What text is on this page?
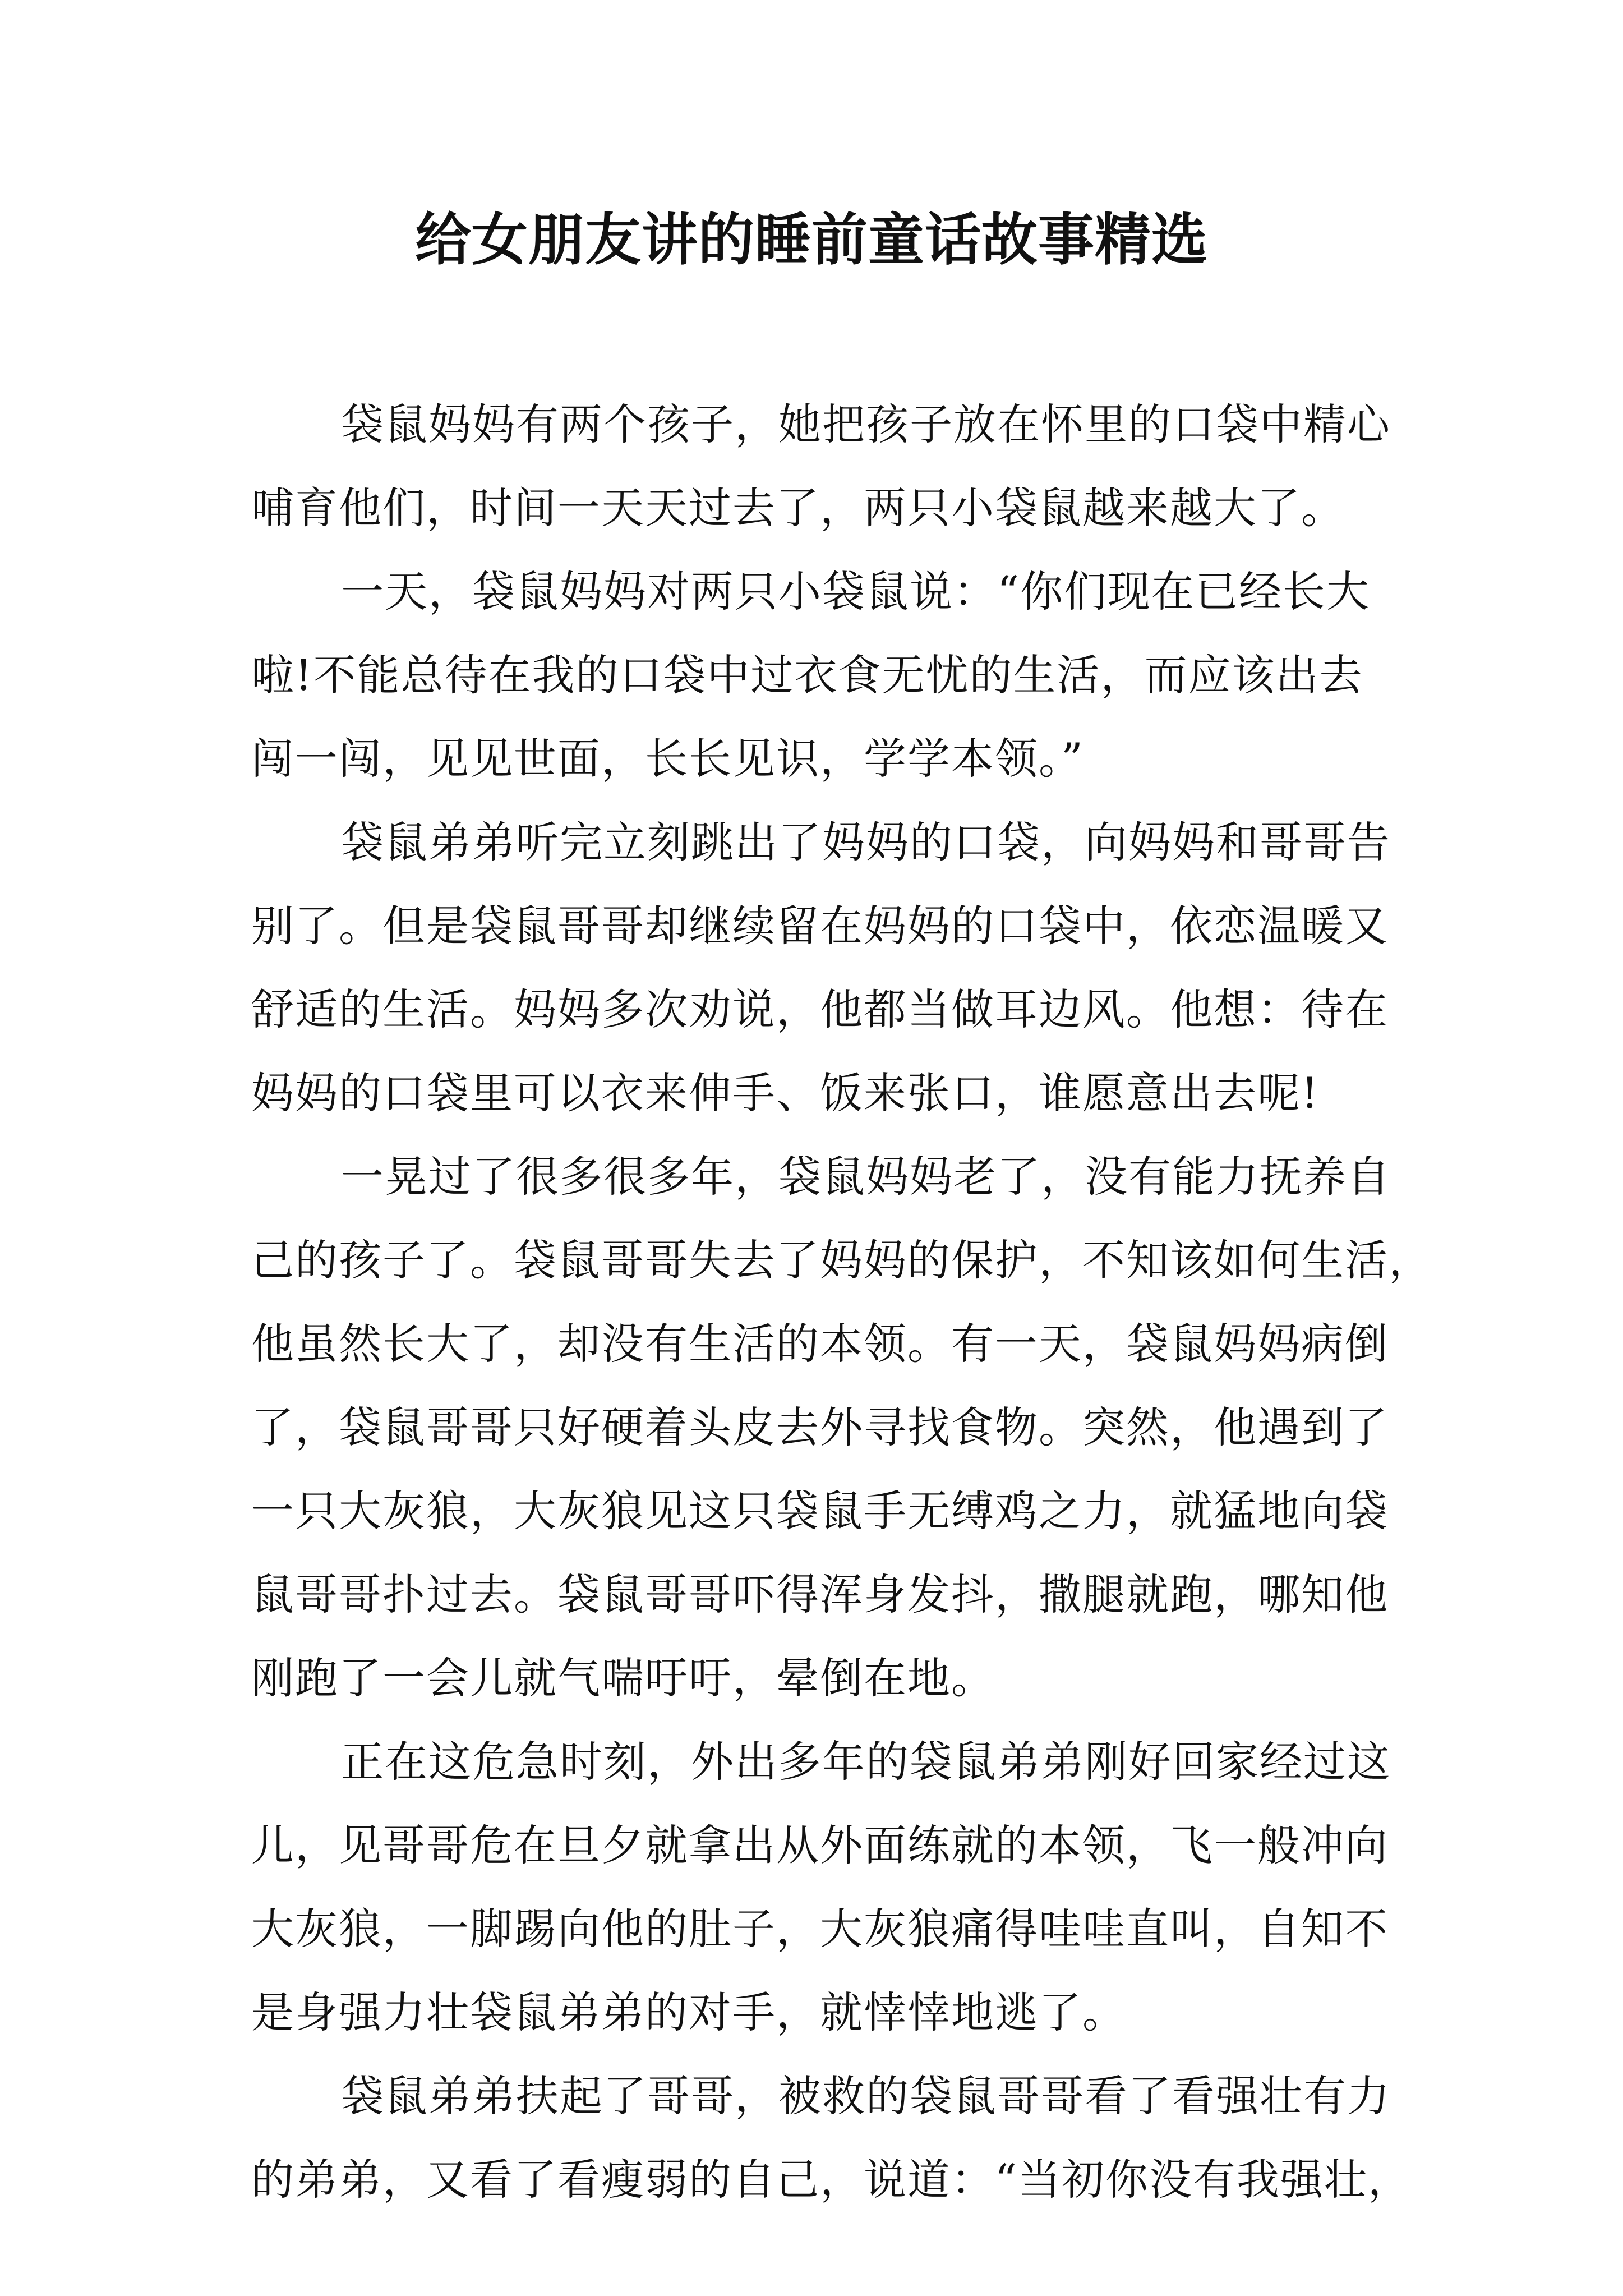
给女朋友讲的睡前童话故事精选
袋鼠妈妈有两个孩子，她把孩子放在怀里的口袋中精心
哺育他们，时间一天天过去了，两只小袋鼠越来越大了。
一天，袋鼠妈妈对两只小袋鼠说：“你们现在已经长大
啦!不能总待在我的口袋中过衣食无忧的生活，而应该出去
闯一闯，见见世面，长长见识，学学本领。”
袋鼠弟弟听完立刻跳出了妈妈的口袋，向妈妈和哥哥告
别了。但是袋鼠哥哥却继续留在妈妈的口袋中，依恋温暖又
舒适的生活。妈妈多次劝说，他都当做耳边风。他想：待在
妈妈的口袋里可以衣来伸手、饭来张口，谁愿意出去呢!
一晃过了很多很多年，袋鼠妈妈老了，没有能力抚养自
己的孩子了。袋鼠哥哥失去了妈妈的保护，不知该如何生活，
他虽然长大了，却没有生活的本领。有一天，袋鼠妈妈病倒
了，袋鼠哥哥只好硬着头皮去外寻找食物。突然，他遇到了
一只大灰狼，大灰狼见这只袋鼠手无缚鸡之力，就猛地向袋
鼠哥哥扑过去。袋鼠哥哥吓得浑身发抖，撒腿就跑，哪知他
刚跑了一会儿就气喘吁吁，晕倒在地。
正在这危急时刻，外出多年的袋鼠弟弟刚好回家经过这
儿，见哥哥危在旦夕就拿出从外面练就的本领，飞一般冲向
大灰狼，一脚踢向他的肚子，大灰狼痛得哇哇直叫，自知不
是身强力壮袋鼠弟弟的对手，就悻悻地逃了。
袋鼠弟弟扶起了哥哥，被救的袋鼠哥哥看了看强壮有力
的弟弟，又看了看瘦弱的自己，说道：“当初你没有我强壮，
